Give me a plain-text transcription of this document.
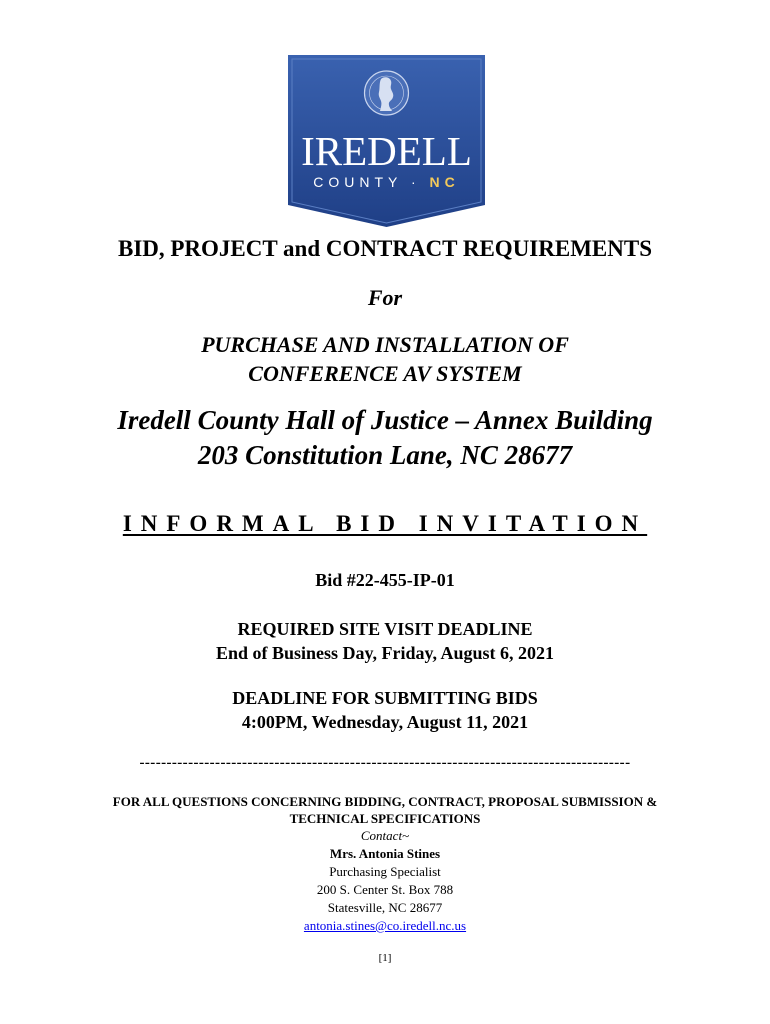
IREDELL
COUNTY · NC
BID, PROJECT and CONTRACT REQUIREMENTS
For
PURCHASE AND INSTALLATION OF
CONFERENCE AV SYSTEM
Iredell County Hall of Justice – Annex Building
203 Constitution Lane, NC 28677
INFORMAL BID INVITATION
Bid #22-455-IP-01
REQUIRED SITE VISIT DEADLINE
End of Business Day, Friday, August 6, 2021
DEADLINE FOR SUBMITTING BIDS
4:00PM, Wednesday, August 11, 2021
-------------------------------------------------------------------------------------------
FOR ALL QUESTIONS CONCERNING BIDDING, CONTRACT, PROPOSAL SUBMISSION &
TECHNICAL SPECIFICATIONS
Contact~
Mrs. Antonia Stines
Purchasing Specialist
200 S. Center St. Box 788
Statesville, NC 28677
antonia.stines@co.iredell.nc.us
[1]
